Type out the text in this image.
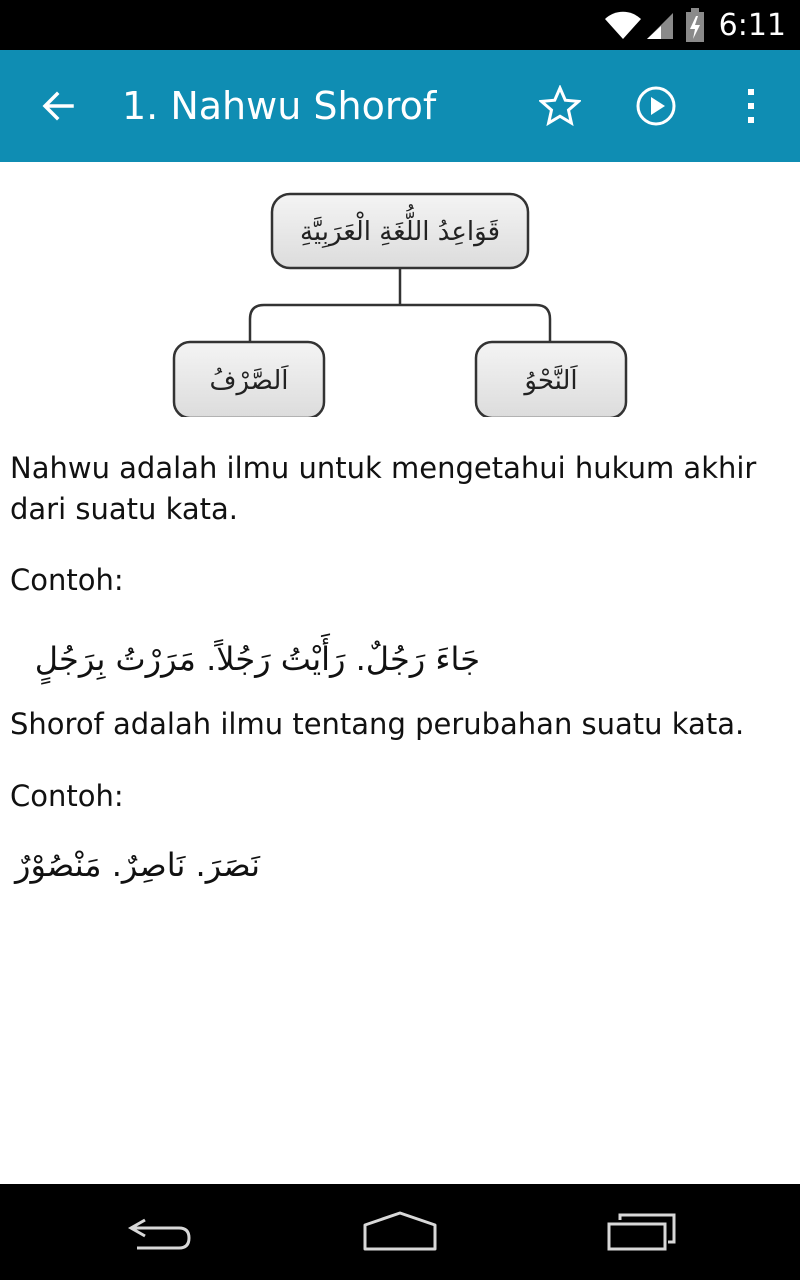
6:11
1. Nahwu Shorof
قَوَاعِدُ اللُّغَةِ الْعَرَبِيَّةِ
اَلصَّرْفُ	اَلنَّحْوُ

Nahwu adalah ilmu untuk mengetahui hukum akhir dari suatu kata.

Contoh:

جَاءَ رَجُلٌ. رَأَيْتُ رَجُلاً. مَرَرْتُ بِرَجُلٍ

Shorof adalah ilmu tentang perubahan suatu kata.

Contoh:

نَصَرَ. نَاصِرٌ. مَنْصُوْرٌ
